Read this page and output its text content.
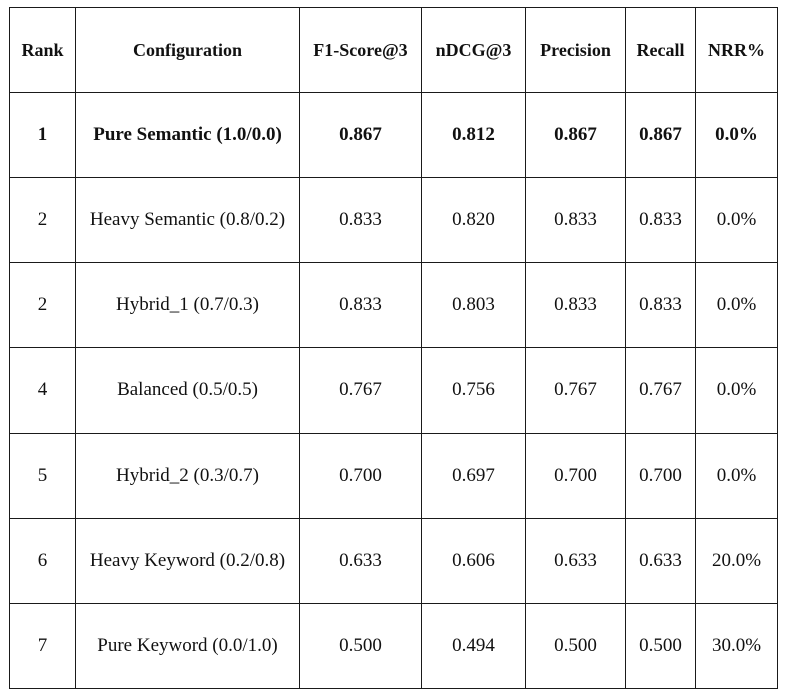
Rank	Configuration	F1-Score@3	nDCG@3	Precision	Recall	NRR%
1	Pure Semantic (1.0/0.0)	0.867	0.812	0.867	0.867	0.0%
2	Heavy Semantic (0.8/0.2)	0.833	0.820	0.833	0.833	0.0%
2	Hybrid_1 (0.7/0.3)	0.833	0.803	0.833	0.833	0.0%
4	Balanced (0.5/0.5)	0.767	0.756	0.767	0.767	0.0%
5	Hybrid_2 (0.3/0.7)	0.700	0.697	0.700	0.700	0.0%
6	Heavy Keyword (0.2/0.8)	0.633	0.606	0.633	0.633	20.0%
7	Pure Keyword (0.0/1.0)	0.500	0.494	0.500	0.500	30.0%
